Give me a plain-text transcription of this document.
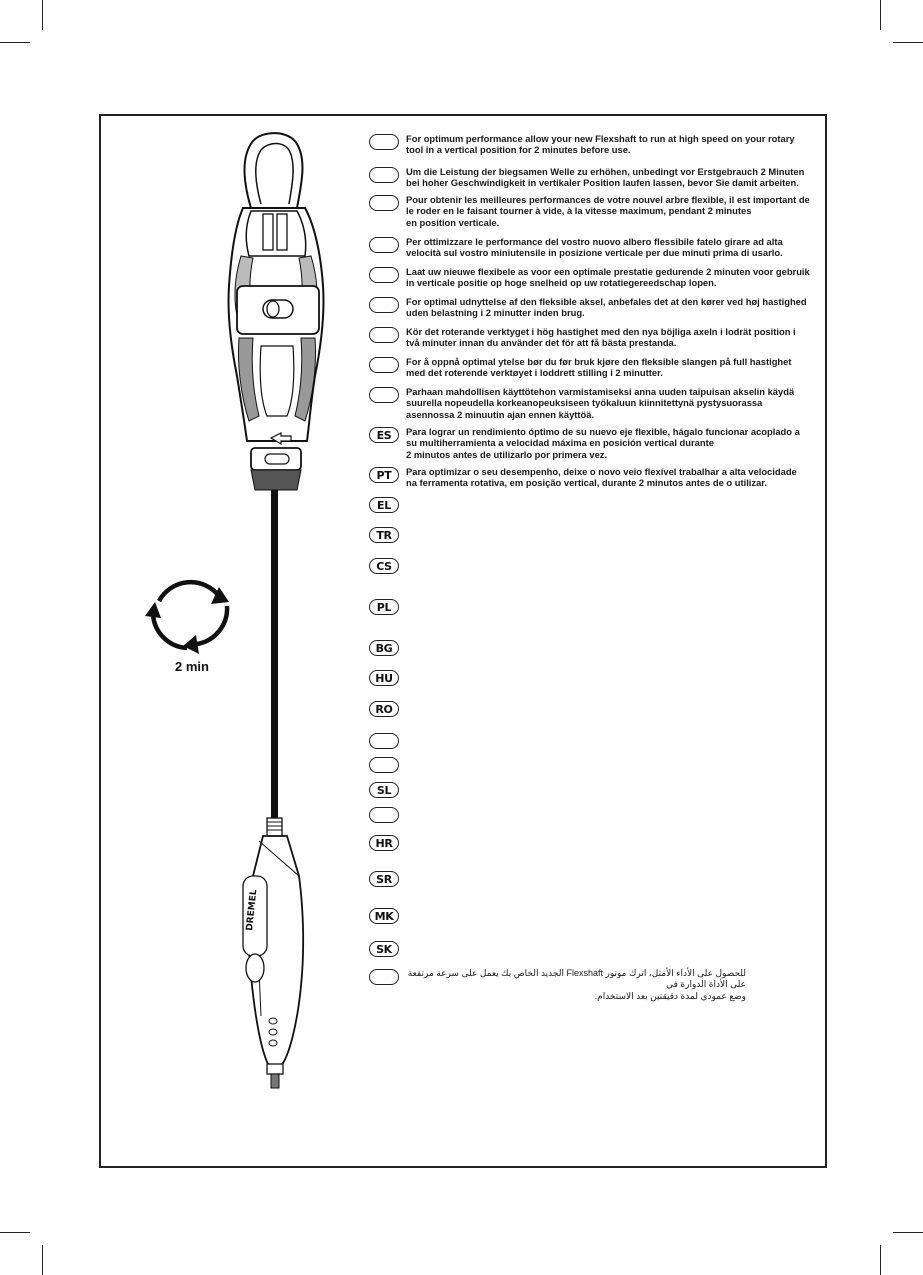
DREMEL
2 min
For optimum performance allow your new Flexshaft to run at high speed on your rotary
tool in a vertical position for 2 minutes before use.
Um die Leistung der biegsamen Welle zu erhöhen, unbedingt vor Erstgebrauch 2 Minuten
bei hoher Geschwindigkeit in vertikaler Position laufen lassen, bevor Sie damit arbeiten.
Pour obtenir les meilleures performances de votre nouvel arbre flexible, il est important de
le roder en le faisant tourner à vide, à la vitesse maximum, pendant 2 minutes
en position verticale.
Per ottimizzare le performance del vostro nuovo albero flessibile fatelo girare ad alta
velocità sul vostro miniutensile in posizione verticale per due minuti prima di usarlo.
Laat uw nieuwe flexibele as voor een optimale prestatie gedurende 2 minuten voor gebruik
in verticale positie op hoge snelheid op uw rotatiegereedschap lopen.
For optimal udnyttelse af den fleksible aksel, anbefales det at den kører ved høj hastighed
uden belastning i 2 minutter inden brug.
Kör det roterande verktyget i hög hastighet med den nya böjliga axeln i lodrät position i
två minuter innan du använder det för att få bästa prestanda.
For å oppnå optimal ytelse bør du før bruk kjøre den fleksible slangen på full hastighet
med det roterende verktøyet i loddrett stilling i 2 minutter.
Parhaan mahdollisen käyttötehon varmistamiseksi anna uuden taipuisan akselin käydä
suurella nopeudella korkeanopeuksiseen työkaluun kiinnitettynä pystysuorassa
asennossa 2 minuutin ajan ennen käyttöä.
ES	Para lograr un rendimiento óptimo de su nuevo eje flexible, hágalo funcionar acoplado a
su multiherramienta a velocidad máxima en posición vertical durante
2 minutos antes de utilizarlo por primera vez.
PT	Para optimizar o seu desempenho, deixe o novo veio flexível trabalhar a alta velocidade
na ferramenta rotativa, em posição vertical, durante 2 minutos antes de o utilizar.
EL
TR
CS
PL
BG
HU
RO
SL
HR
SR
MK
SK
للحصول على الأداء الأمثل، اترك موتور Flexshaft الجديد الخاص بك يعمل على سرعة مرتفعة على الأداة الدوارة في
وضع عمودي لمدة دقيقتين بعد الاستخدام.
